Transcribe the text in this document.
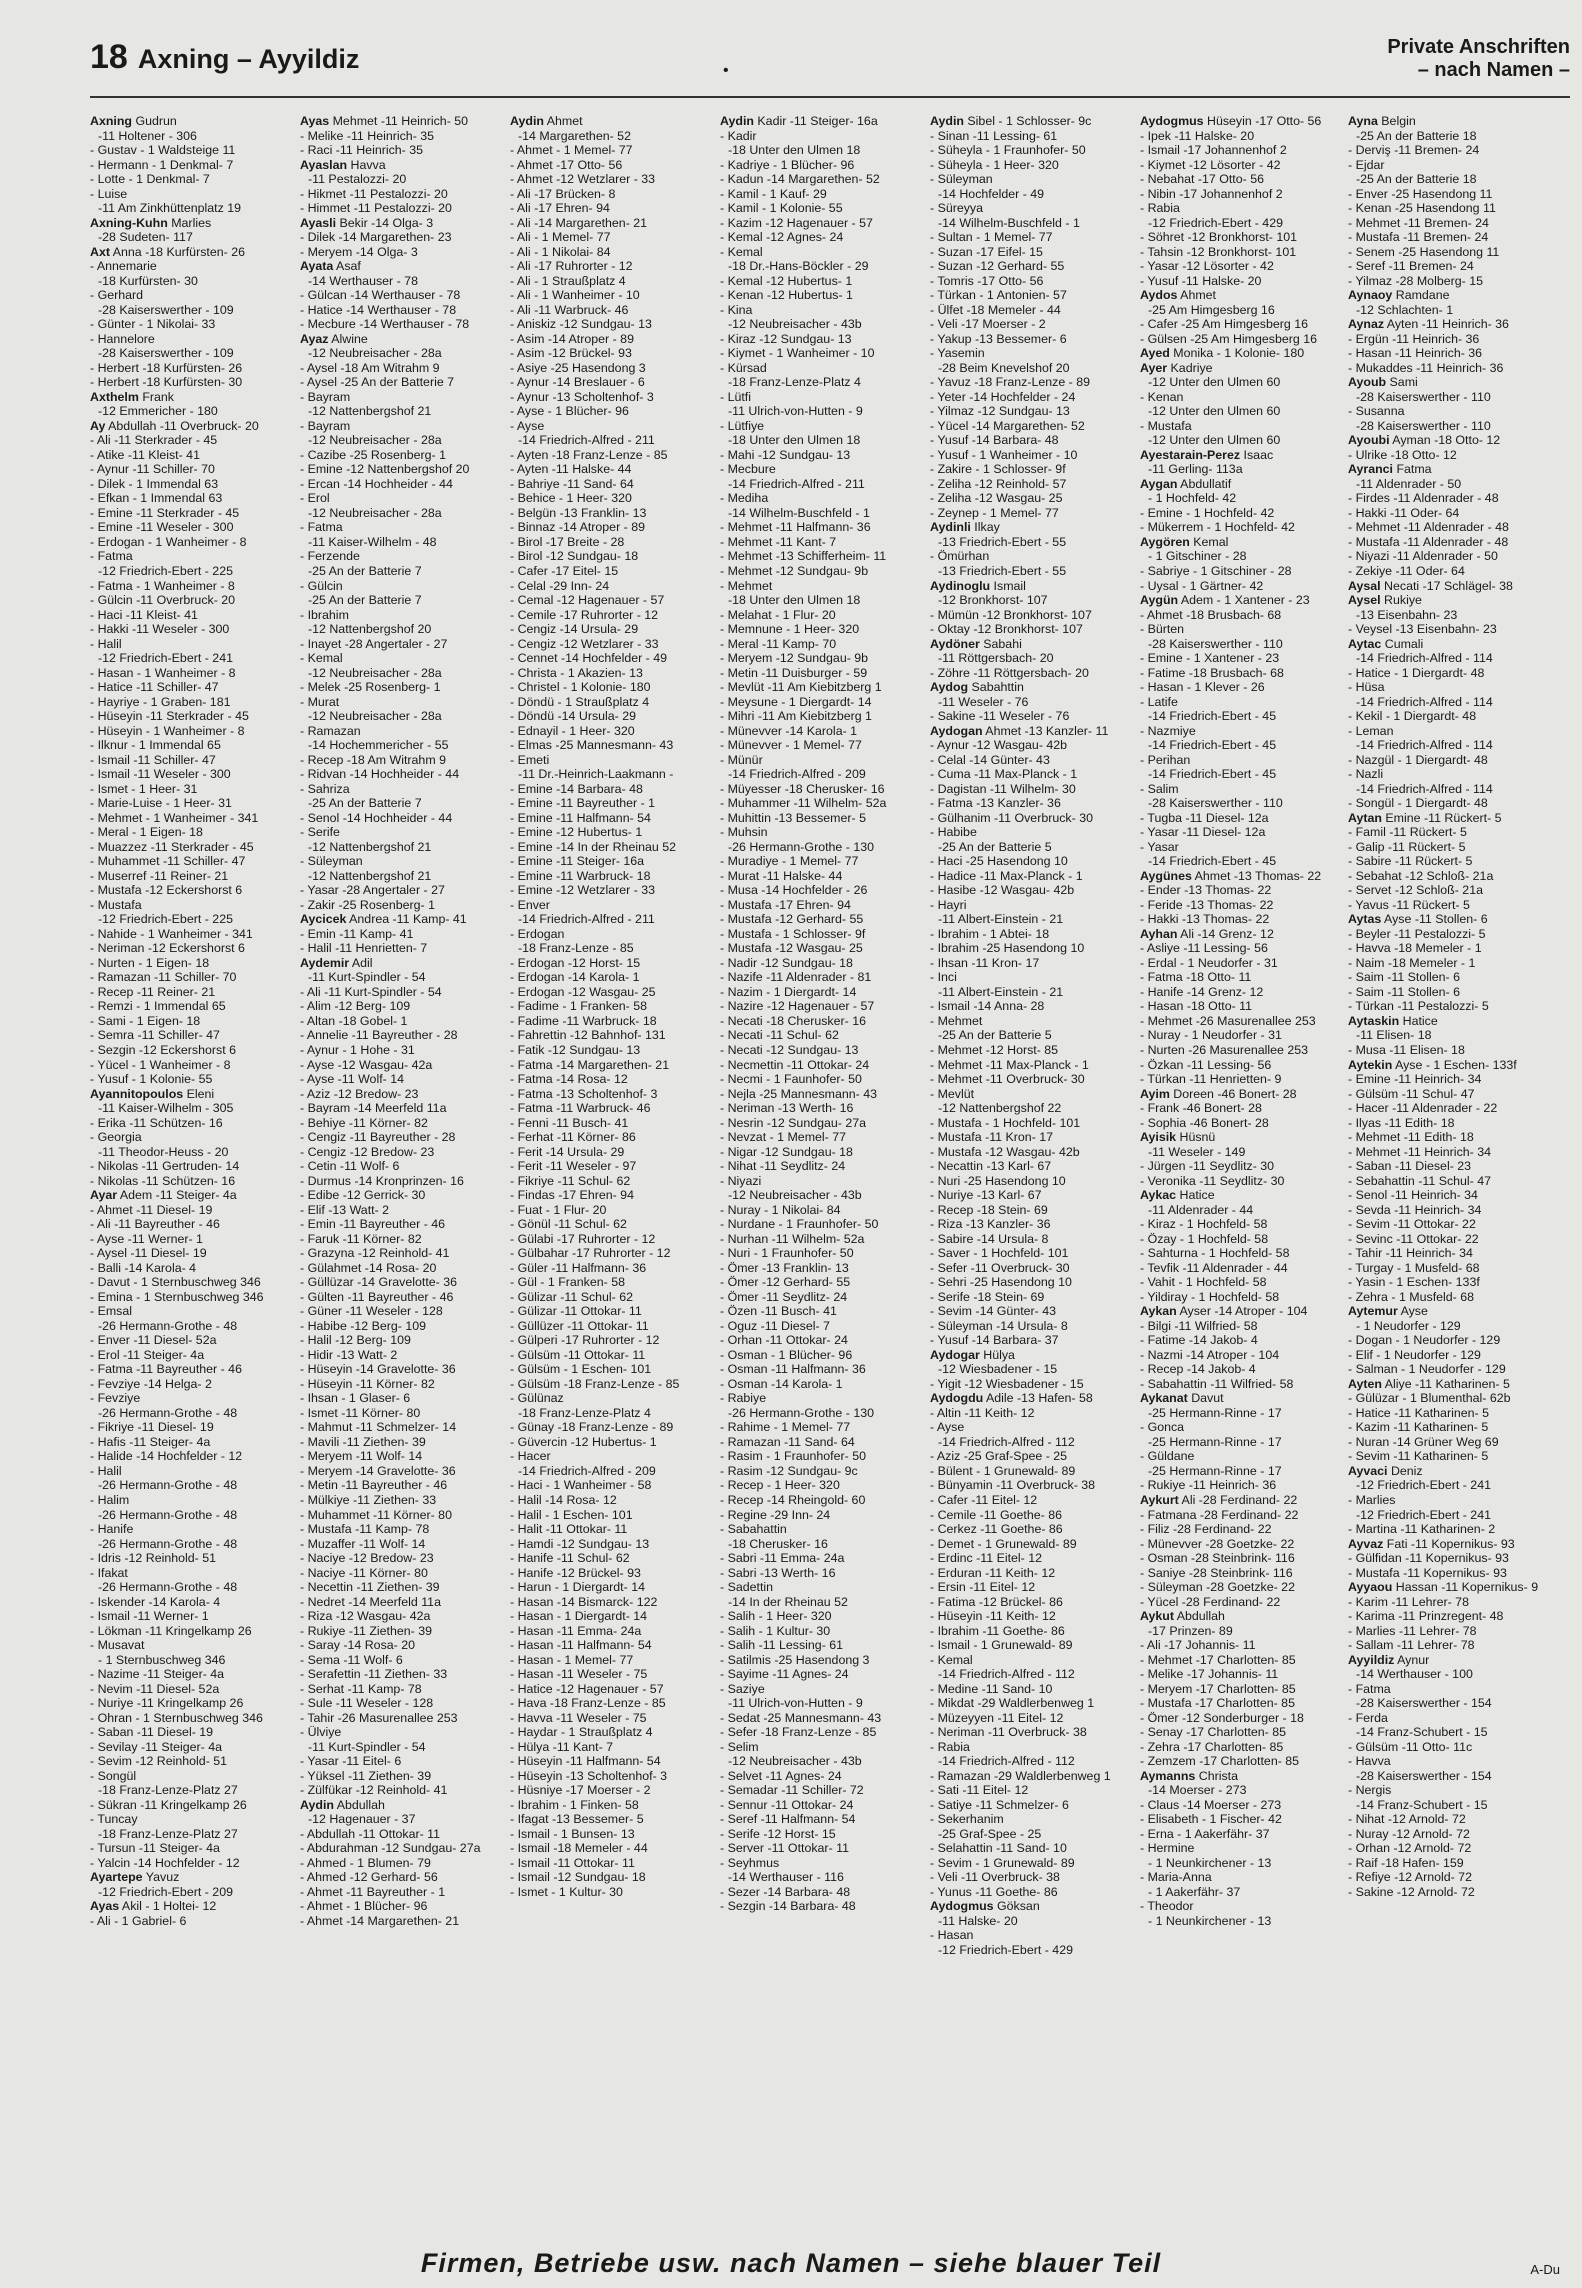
18 Axning – Ayyildiz	•
Private Anschriften
– nach Namen –
Axning Gudrun
-11 Holtener - 306
- Gustav - 1 Waldsteige 11
- Hermann - 1 Denkmal- 7
- Lotte - 1 Denkmal- 7
- Luise
-11 Am Zinkhüttenplatz 19
Axning-Kuhn Marlies
-28 Sudeten- 117
Axt Anna -18 Kurfürsten- 26
- Annemarie
-18 Kurfürsten- 30
- Gerhard
-28 Kaiserswerther - 109
- Günter - 1 Nikolai- 33
- Hannelore
-28 Kaiserswerther - 109
- Herbert -18 Kurfürsten- 26
- Herbert -18 Kurfürsten- 30
Axthelm Frank
-12 Emmericher - 180
Ay Abdullah -11 Overbruck- 20
- Ali -11 Sterkrader - 45
- Atike -11 Kleist- 41
- Aynur -11 Schiller- 70
- Dilek - 1 Immendal 63
- Efkan - 1 Immendal 63
- Emine -11 Sterkrader - 45
- Emine -11 Weseler - 300
- Erdogan - 1 Wanheimer - 8
- Fatma
-12 Friedrich-Ebert - 225
- Fatma - 1 Wanheimer - 8
- Gülcin -11 Overbruck- 20
- Haci -11 Kleist- 41
- Hakki -11 Weseler - 300
- Halil
-12 Friedrich-Ebert - 241
- Hasan - 1 Wanheimer - 8
- Hatice -11 Schiller- 47
- Hayriye - 1 Graben- 181
- Hüseyin -11 Sterkrader - 45
- Hüseyin - 1 Wanheimer - 8
- Ilknur - 1 Immendal 65
- Ismail -11 Schiller- 47
- Ismail -11 Weseler - 300
- Ismet - 1 Heer- 31
- Marie-Luise - 1 Heer- 31
- Mehmet - 1 Wanheimer - 341
- Meral - 1 Eigen- 18
- Muazzez -11 Sterkrader - 45
- Muhammet -11 Schiller- 47
- Muserref -11 Reiner- 21
- Mustafa -12 Eckershorst 6
- Mustafa
-12 Friedrich-Ebert - 225
- Nahide - 1 Wanheimer - 341
- Neriman -12 Eckershorst 6
- Nurten - 1 Eigen- 18
- Ramazan -11 Schiller- 70
- Recep -11 Reiner- 21
- Remzi - 1 Immendal 65
- Sami - 1 Eigen- 18
- Semra -11 Schiller- 47
- Sezgin -12 Eckershorst 6
- Yücel - 1 Wanheimer - 8
- Yusuf - 1 Kolonie- 55
Ayannitopoulos Eleni
-11 Kaiser-Wilhelm - 305
- Erika -11 Schützen- 16
- Georgia
-11 Theodor-Heuss - 20
- Nikolas -11 Gertruden- 14
- Nikolas -11 Schützen- 16
Ayar Adem -11 Steiger- 4a
- Ahmet -11 Diesel- 19
- Ali -11 Bayreuther - 46
- Ayse -11 Werner- 1
- Aysel -11 Diesel- 19
- Balli -14 Karola- 4
- Davut - 1 Sternbuschweg 346
- Emina - 1 Sternbuschweg 346
- Emsal
-26 Hermann-Grothe - 48
- Enver -11 Diesel- 52a
- Erol -11 Steiger- 4a
- Fatma -11 Bayreuther - 46
- Fevziye -14 Helga- 2
- Fevziye
-26 Hermann-Grothe - 48
- Fikriye -11 Diesel- 19
- Hafis -11 Steiger- 4a
- Halide -14 Hochfelder - 12
- Halil
-26 Hermann-Grothe - 48
- Halim
-26 Hermann-Grothe - 48
- Hanife
-26 Hermann-Grothe - 48
- Idris -12 Reinhold- 51
- Ifakat
-26 Hermann-Grothe - 48
- Iskender -14 Karola- 4
- Ismail -11 Werner- 1
- Lökman -11 Kringelkamp 26
- Musavat
- 1 Sternbuschweg 346
- Nazime -11 Steiger- 4a
- Nevim -11 Diesel- 52a
- Nuriye -11 Kringelkamp 26
- Ohran - 1 Sternbuschweg 346
- Saban -11 Diesel- 19
- Sevilay -11 Steiger- 4a
- Sevim -12 Reinhold- 51
- Songül
-18 Franz-Lenze-Platz 27
- Sükran -11 Kringelkamp 26
- Tuncay
-18 Franz-Lenze-Platz 27
- Tursun -11 Steiger- 4a
- Yalcin -14 Hochfelder - 12
Ayartepe Yavuz
-12 Friedrich-Ebert - 209
Ayas Akil - 1 Holtei- 12
- Ali - 1 Gabriel- 6
Ayas Mehmet -11 Heinrich- 50
- Melike -11 Heinrich- 35
- Raci -11 Heinrich- 35
Ayaslan Havva
-11 Pestalozzi- 20
- Hikmet -11 Pestalozzi- 20
- Himmet -11 Pestalozzi- 20
Ayasli Bekir -14 Olga- 3
- Dilek -14 Margarethen- 23
- Meryem -14 Olga- 3
Ayata Asaf
-14 Werthauser - 78
- Gülcan -14 Werthauser - 78
- Hatice -14 Werthauser - 78
- Mecbure -14 Werthauser - 78
Ayaz Alwine
-12 Neubreisacher - 28a
- Aysel -18 Am Witrahm 9
- Aysel -25 An der Batterie 7
- Bayram
-12 Nattenbergshof 21
- Bayram
-12 Neubreisacher - 28a
- Cazibe -25 Rosenberg- 1
- Emine -12 Nattenbergshof 20
- Ercan -14 Hochheider - 44
- Erol
-12 Neubreisacher - 28a
- Fatma
-11 Kaiser-Wilhelm - 48
- Ferzende
-25 An der Batterie 7
- Gülcin
-25 An der Batterie 7
- Ibrahim
-12 Nattenbergshof 20
- Inayet -28 Angertaler - 27
- Kemal
-12 Neubreisacher - 28a
- Melek -25 Rosenberg- 1
- Murat
-12 Neubreisacher - 28a
- Ramazan
-14 Hochemmericher - 55
- Recep -18 Am Witrahm 9
- Ridvan -14 Hochheider - 44
- Sahriza
-25 An der Batterie 7
- Senol -14 Hochheider - 44
- Serife
-12 Nattenbergshof 21
- Süleyman
-12 Nattenbergshof 21
- Yasar -28 Angertaler - 27
- Zakir -25 Rosenberg- 1
Aycicek Andrea -11 Kamp- 41
- Emin -11 Kamp- 41
- Halil -11 Henrietten- 7
Aydemir Adil
-11 Kurt-Spindler - 54
- Ali -11 Kurt-Spindler - 54
- Alim -12 Berg- 109
- Altan -18 Gobel- 1
- Annelie -11 Bayreuther - 28
- Aynur - 1 Hohe - 31
- Ayse -12 Wasgau- 42a
- Ayse -11 Wolf- 14
- Aziz -12 Bredow- 23
- Bayram -14 Meerfeld 11a
- Behiye -11 Körner- 82
- Cengiz -11 Bayreuther - 28
- Cengiz -12 Bredow- 23
- Cetin -11 Wolf- 6
- Durmus -14 Kronprinzen- 16
- Edibe -12 Gerrick- 30
- Elif -13 Watt- 2
- Emin -11 Bayreuther - 46
- Faruk -11 Körner- 82
- Grazyna -12 Reinhold- 41
- Gülahmet -14 Rosa- 20
- Güllüzar -14 Gravelotte- 36
- Gülten -11 Bayreuther - 46
- Güner -11 Weseler - 128
- Habibe -12 Berg- 109
- Halil -12 Berg- 109
- Hidir -13 Watt- 2
- Hüseyin -14 Gravelotte- 36
- Hüseyin -11 Körner- 82
- Ihsan - 1 Glaser- 6
- Ismet -11 Körner- 80
- Mahmut -11 Schmelzer- 14
- Mavili -11 Ziethen- 39
- Meryem -11 Wolf- 14
- Meryem -14 Gravelotte- 36
- Metin -11 Bayreuther - 46
- Mülkiye -11 Ziethen- 33
- Muhammet -11 Körner- 80
- Mustafa -11 Kamp- 78
- Muzaffer -11 Wolf- 14
- Naciye -12 Bredow- 23
- Naciye -11 Körner- 80
- Necettin -11 Ziethen- 39
- Nedret -14 Meerfeld 11a
- Riza -12 Wasgau- 42a
- Rukiye -11 Ziethen- 39
- Saray -14 Rosa- 20
- Sema -11 Wolf- 6
- Serafettin -11 Ziethen- 33
- Serhat -11 Kamp- 78
- Sule -11 Weseler - 128
- Tahir -26 Masurenallee 253
- Ülviye
-11 Kurt-Spindler - 54
- Yasar -11 Eitel- 6
- Yüksel -11 Ziethen- 39
- Zülfükar -12 Reinhold- 41
Aydin Abdullah
-12 Hagenauer - 37
- Abdullah -11 Ottokar- 11
- Abdurahman -12 Sundgau- 27a
- Ahmed - 1 Blumen- 79
- Ahmed -12 Gerhard- 56
- Ahmet -11 Bayreuther - 1
- Ahmet - 1 Blücher- 96
- Ahmet -14 Margarethen- 21
Aydin Ahmet
-14 Margarethen- 52
- Ahmet - 1 Memel- 77
- Ahmet -17 Otto- 56
- Ahmet -12 Wetzlarer - 33
- Ali -17 Brücken- 8
- Ali -17 Ehren- 94
- Ali -14 Margarethen- 21
- Ali - 1 Memel- 77
- Ali - 1 Nikolai- 84
- Ali -17 Ruhrorter - 12
- Ali - 1 Straußplatz 4
- Ali - 1 Wanheimer - 10
- Ali -11 Warbruck- 46
- Aniskiz -12 Sundgau- 13
- Asim -14 Atroper - 89
- Asim -12 Brückel- 93
- Asiye -25 Hasendong 3
- Aynur -14 Breslauer - 6
- Aynur -13 Scholtenhof- 3
- Ayse - 1 Blücher- 96
- Ayse
-14 Friedrich-Alfred - 211
- Ayten -18 Franz-Lenze - 85
- Ayten -11 Halske- 44
- Bahriye -11 Sand- 64
- Behice - 1 Heer- 320
- Belgün -13 Franklin- 13
- Binnaz -14 Atroper - 89
- Birol -17 Breite - 28
- Birol -12 Sundgau- 18
- Cafer -17 Eitel- 15
- Celal -29 Inn- 24
- Cemal -12 Hagenauer - 57
- Cemile -17 Ruhrorter - 12
- Cengiz -14 Ursula- 29
- Cengiz -12 Wetzlarer - 33
- Cennet -14 Hochfelder - 49
- Christa - 1 Akazien- 13
- Christel - 1 Kolonie- 180
- Döndü - 1 Straußplatz 4
- Döndü -14 Ursula- 29
- Ednayil - 1 Heer- 320
- Elmas -25 Mannesmann- 43
- Emeti
-11 Dr.-Heinrich-Laakmann -
- Emine -14 Barbara- 48
- Emine -11 Bayreuther - 1
- Emine -11 Halfmann- 54
- Emine -12 Hubertus- 1
- Emine -14 In der Rheinau 52
- Emine -11 Steiger- 16a
- Emine -11 Warbruck- 18
- Emine -12 Wetzlarer - 33
- Enver
-14 Friedrich-Alfred - 211
- Erdogan
-18 Franz-Lenze - 85
- Erdogan -12 Horst- 15
- Erdogan -14 Karola- 1
- Erdogan -12 Wasgau- 25
- Fadime - 1 Franken- 58
- Fadime -11 Warbruck- 18
- Fahrettin -12 Bahnhof- 131
- Fatik -12 Sundgau- 13
- Fatma -14 Margarethen- 21
- Fatma -14 Rosa- 12
- Fatma -13 Scholtenhof- 3
- Fatma -11 Warbruck- 46
- Fenni -11 Busch- 41
- Ferhat -11 Körner- 86
- Ferit -14 Ursula- 29
- Ferit -11 Weseler - 97
- Fikriye -11 Schul- 62
- Findas -17 Ehren- 94
- Fuat - 1 Flur- 20
- Gönül -11 Schul- 62
- Gülabi -17 Ruhrorter - 12
- Gülbahar -17 Ruhrorter - 12
- Güler -11 Halfmann- 36
- Gül - 1 Franken- 58
- Gülizar -11 Schul- 62
- Gülizar -11 Ottokar- 11
- Güllüzer -11 Ottokar- 11
- Gülperi -17 Ruhrorter - 12
- Gülsüm -11 Ottokar- 11
- Gülsüm - 1 Eschen- 101
- Gülsüm -18 Franz-Lenze - 85
- Gülünaz
-18 Franz-Lenze-Platz 4
- Günay -18 Franz-Lenze - 89
- Güvercin -12 Hubertus- 1
- Hacer
-14 Friedrich-Alfred - 209
- Haci - 1 Wanheimer - 58
- Halil -14 Rosa- 12
- Halil - 1 Eschen- 101
- Halit -11 Ottokar- 11
- Hamdi -12 Sundgau- 13
- Hanife -11 Schul- 62
- Hanife -12 Brückel- 93
- Harun - 1 Diergardt- 14
- Hasan -14 Bismarck- 122
- Hasan - 1 Diergardt- 14
- Hasan -11 Emma- 24a
- Hasan -11 Halfmann- 54
- Hasan - 1 Memel- 77
- Hasan -11 Weseler - 75
- Hatice -12 Hagenauer - 57
- Hava -18 Franz-Lenze - 85
- Havva -11 Weseler - 75
- Haydar - 1 Straußplatz 4
- Hülya -11 Kant- 7
- Hüseyin -11 Halfmann- 54
- Hüseyin -13 Scholtenhof- 3
- Hüsniye -17 Moerser - 2
- Ibrahim - 1 Finken- 58
- Ifagat -13 Bessemer- 5
- Ismail - 1 Bunsen- 13
- Ismail -18 Memeler - 44
- Ismail -11 Ottokar- 11
- Ismail -12 Sundgau- 18
- Ismet - 1 Kultur- 30
Aydin Kadir -11 Steiger- 16a
- Kadir
-18 Unter den Ulmen 18
- Kadriye - 1 Blücher- 96
- Kadun -14 Margarethen- 52
- Kamil - 1 Kauf- 29
- Kamil - 1 Kolonie- 55
- Kazim -12 Hagenauer - 57
- Kemal -12 Agnes- 24
- Kemal
-18 Dr.-Hans-Böckler - 29
- Kemal -12 Hubertus- 1
- Kenan -12 Hubertus- 1
- Kina
-12 Neubreisacher - 43b
- Kiraz -12 Sundgau- 13
- Kiymet - 1 Wanheimer - 10
- Kürsad
-18 Franz-Lenze-Platz 4
- Lütfi
-11 Ulrich-von-Hutten - 9
- Lütfiye
-18 Unter den Ulmen 18
- Mahi -12 Sundgau- 13
- Mecbure
-14 Friedrich-Alfred - 211
- Mediha
-14 Wilhelm-Buschfeld - 1
- Mehmet -11 Halfmann- 36
- Mehmet -11 Kant- 7
- Mehmet -13 Schifferheim- 11
- Mehmet -12 Sundgau- 9b
- Mehmet
-18 Unter den Ulmen 18
- Melahat - 1 Flur- 20
- Memnune - 1 Heer- 320
- Meral -11 Kamp- 70
- Meryem -12 Sundgau- 9b
- Metin -11 Duisburger - 59
- Mevlüt -11 Am Kiebitzberg 1
- Meysune - 1 Diergardt- 14
- Mihri -11 Am Kiebitzberg 1
- Münevver -14 Karola- 1
- Münevver - 1 Memel- 77
- Münür
-14 Friedrich-Alfred - 209
- Müyesser -18 Cherusker- 16
- Muhammer -11 Wilhelm- 52a
- Muhittin -13 Bessemer- 5
- Muhsin
-26 Hermann-Grothe - 130
- Muradiye - 1 Memel- 77
- Murat -11 Halske- 44
- Musa -14 Hochfelder - 26
- Mustafa -17 Ehren- 94
- Mustafa -12 Gerhard- 55
- Mustafa - 1 Schlosser- 9f
- Mustafa -12 Wasgau- 25
- Nadir -12 Sundgau- 18
- Nazife -11 Aldenrader - 81
- Nazim - 1 Diergardt- 14
- Nazire -12 Hagenauer - 57
- Necati -18 Cherusker- 16
- Necati -11 Schul- 62
- Necati -12 Sundgau- 13
- Necmettin -11 Ottokar- 24
- Necmi - 1 Faunhofer- 50
- Nejla -25 Mannesmann- 43
- Neriman -13 Werth- 16
- Nesrin -12 Sundgau- 27a
- Nevzat - 1 Memel- 77
- Nigar -12 Sundgau- 18
- Nihat -11 Seydlitz- 24
- Niyazi
-12 Neubreisacher - 43b
- Nuray - 1 Nikolai- 84
- Nurdane - 1 Fraunhofer- 50
- Nurhan -11 Wilhelm- 52a
- Nuri - 1 Fraunhofer- 50
- Ömer -13 Franklin- 13
- Ömer -12 Gerhard- 55
- Ömer -11 Seydlitz- 24
- Özen -11 Busch- 41
- Oguz -11 Diesel- 7
- Orhan -11 Ottokar- 24
- Osman - 1 Blücher- 96
- Osman -11 Halfmann- 36
- Osman -14 Karola- 1
- Rabiye
-26 Hermann-Grothe - 130
- Rahime - 1 Memel- 77
- Ramazan -11 Sand- 64
- Rasim - 1 Fraunhofer- 50
- Rasim -12 Sundgau- 9c
- Recep - 1 Heer- 320
- Recep -14 Rheingold- 60
- Regine -29 Inn- 24
- Sabahattin
-18 Cherusker- 16
- Sabri -11 Emma- 24a
- Sabri -13 Werth- 16
- Sadettin
-14 In der Rheinau 52
- Salih - 1 Heer- 320
- Salih - 1 Kultur- 30
- Salih -11 Lessing- 61
- Satilmis -25 Hasendong 3
- Sayime -11 Agnes- 24
- Saziye
-11 Ulrich-von-Hutten - 9
- Sedat -25 Mannesmann- 43
- Sefer -18 Franz-Lenze - 85
- Selim
-12 Neubreisacher - 43b
- Selvet -11 Agnes- 24
- Semadar -11 Schiller- 72
- Sennur -11 Ottokar- 24
- Seref -11 Halfmann- 54
- Serife -12 Horst- 15
- Server -11 Ottokar- 11
- Seyhmus
-14 Werthauser - 116
- Sezer -14 Barbara- 48
- Sezgin -14 Barbara- 48
Aydin Sibel - 1 Schlosser- 9c
- Sinan -11 Lessing- 61
- Süheyla - 1 Fraunhofer- 50
- Süheyla - 1 Heer- 320
- Süleyman
-14 Hochfelder - 49
- Süreyya
-14 Wilhelm-Buschfeld - 1
- Sultan - 1 Memel- 77
- Suzan -17 Eifel- 15
- Suzan -12 Gerhard- 55
- Tomris -17 Otto- 56
- Türkan - 1 Antonien- 57
- Ülfet -18 Memeler - 44
- Veli -17 Moerser - 2
- Yakup -13 Bessemer- 6
- Yasemin
-28 Beim Knevelshof 20
- Yavuz -18 Franz-Lenze - 89
- Yeter -14 Hochfelder - 24
- Yilmaz -12 Sundgau- 13
- Yücel -14 Margarethen- 52
- Yusuf -14 Barbara- 48
- Yusuf - 1 Wanheimer - 10
- Zakire - 1 Schlosser- 9f
- Zeliha -12 Reinhold- 57
- Zeliha -12 Wasgau- 25
- Zeynep - 1 Memel- 77
Aydinli Ilkay
-13 Friedrich-Ebert - 55
- Ömürhan
-13 Friedrich-Ebert - 55
Aydinoglu Ismail
-12 Bronkhorst- 107
- Mümün -12 Bronkhorst- 107
- Oktay -12 Bronkhorst- 107
Aydöner Sabahi
-11 Röttgersbach- 20
- Zöhre -11 Röttgersbach- 20
Aydog Sabahttin
-11 Weseler - 76
- Sakine -11 Weseler - 76
Aydogan Ahmet -13 Kanzler- 11
- Aynur -12 Wasgau- 42b
- Celal -14 Günter- 43
- Cuma -11 Max-Planck - 1
- Dagistan -11 Wilhelm- 30
- Fatma -13 Kanzler- 36
- Gülhanim -11 Overbruck- 30
- Habibe
-25 An der Batterie 5
- Haci -25 Hasendong 10
- Hadice -11 Max-Planck - 1
- Hasibe -12 Wasgau- 42b
- Hayri
-11 Albert-Einstein - 21
- Ibrahim - 1 Abtei- 18
- Ibrahim -25 Hasendong 10
- Ihsan -11 Kron- 17
- Inci
-11 Albert-Einstein - 21
- Ismail -14 Anna- 28
- Mehmet
-25 An der Batterie 5
- Mehmet -12 Horst- 85
- Mehmet -11 Max-Planck - 1
- Mehmet -11 Overbruck- 30
- Mevlüt
-12 Nattenbergshof 22
- Mustafa - 1 Hochfeld- 101
- Mustafa -11 Kron- 17
- Mustafa -12 Wasgau- 42b
- Necattin -13 Karl- 67
- Nuri -25 Hasendong 10
- Nuriye -13 Karl- 67
- Recep -18 Stein- 69
- Riza -13 Kanzler- 36
- Sabire -14 Ursula- 8
- Saver - 1 Hochfeld- 101
- Sefer -11 Overbruck- 30
- Sehri -25 Hasendong 10
- Serife -18 Stein- 69
- Sevim -14 Günter- 43
- Süleyman -14 Ursula- 8
- Yusuf -14 Barbara- 37
Aydogar Hülya
-12 Wiesbadener - 15
- Yigit -12 Wiesbadener - 15
Aydogdu Adile -13 Hafen- 58
- Altin -11 Keith- 12
- Ayse
-14 Friedrich-Alfred - 112
- Aziz -25 Graf-Spee - 25
- Bülent - 1 Grunewald- 89
- Bünyamin -11 Overbruck- 38
- Cafer -11 Eitel- 12
- Cemile -11 Goethe- 86
- Cerkez -11 Goethe- 86
- Demet - 1 Grunewald- 89
- Erdinc -11 Eitel- 12
- Erduran -11 Keith- 12
- Ersin -11 Eitel- 12
- Fatima -12 Brückel- 86
- Hüseyin -11 Keith- 12
- Ibrahim -11 Goethe- 86
- Ismail - 1 Grunewald- 89
- Kemal
-14 Friedrich-Alfred - 112
- Medine -11 Sand- 10
- Mikdat -29 Waldlerbenweg 1
- Müzeyyen -11 Eitel- 12
- Neriman -11 Overbruck- 38
- Rabia
-14 Friedrich-Alfred - 112
- Ramazan -29 Waldlerbenweg 1
- Sati -11 Eitel- 12
- Satiye -11 Schmelzer- 6
- Sekerhanim
-25 Graf-Spee - 25
- Selahattin -11 Sand- 10
- Sevim - 1 Grunewald- 89
- Veli -11 Overbruck- 38
- Yunus -11 Goethe- 86
Aydogmus Göksan
-11 Halske- 20
- Hasan
-12 Friedrich-Ebert - 429
Aydogmus Hüseyin -17 Otto- 56
- Ipek -11 Halske- 20
- Ismail -17 Johannenhof 2
- Kiymet -12 Lösorter - 42
- Nebahat -17 Otto- 56
- Nibin -17 Johannenhof 2
- Rabia
-12 Friedrich-Ebert - 429
- Söhret -12 Bronkhorst- 101
- Tahsin -12 Bronkhorst- 101
- Yasar -12 Lösorter - 42
- Yusuf -11 Halske- 20
Aydos Ahmet
-25 Am Himgesberg 16
- Cafer -25 Am Himgesberg 16
- Gülsen -25 Am Himgesberg 16
Ayed Monika - 1 Kolonie- 180
Ayer Kadriye
-12 Unter den Ulmen 60
- Kenan
-12 Unter den Ulmen 60
- Mustafa
-12 Unter den Ulmen 60
Ayestarain-Perez Isaac
-11 Gerling- 113a
Aygan Abdullatif
- 1 Hochfeld- 42
- Emine - 1 Hochfeld- 42
- Mükerrem - 1 Hochfeld- 42
Aygören Kemal
- 1 Gitschiner - 28
- Sabriye - 1 Gitschiner - 28
- Uysal - 1 Gärtner- 42
Aygün Adem - 1 Xantener - 23
- Ahmet -18 Brusbach- 68
- Bürten
-28 Kaiserswerther - 110
- Emine - 1 Xantener - 23
- Fatime -18 Brusbach- 68
- Hasan - 1 Klever - 26
- Latife
-14 Friedrich-Ebert - 45
- Nazmiye
-14 Friedrich-Ebert - 45
- Perihan
-14 Friedrich-Ebert - 45
- Salim
-28 Kaiserswerther - 110
- Tugba -11 Diesel- 12a
- Yasar -11 Diesel- 12a
- Yasar
-14 Friedrich-Ebert - 45
Aygünes Ahmet -13 Thomas- 22
- Ender -13 Thomas- 22
- Feride -13 Thomas- 22
- Hakki -13 Thomas- 22
Ayhan Ali -14 Grenz- 12
- Asliye -11 Lessing- 56
- Erdal - 1 Neudorfer - 31
- Fatma -18 Otto- 11
- Hanife -14 Grenz- 12
- Hasan -18 Otto- 11
- Mehmet -26 Masurenallee 253
- Nuray - 1 Neudorfer - 31
- Nurten -26 Masurenallee 253
- Özkan -11 Lessing- 56
- Türkan -11 Henrietten- 9
Ayim Doreen -46 Bonert- 28
- Frank -46 Bonert- 28
- Sophia -46 Bonert- 28
Ayisik Hüsnü
-11 Weseler - 149
- Jürgen -11 Seydlitz- 30
- Veronika -11 Seydlitz- 30
Aykac Hatice
-11 Aldenrader - 44
- Kiraz - 1 Hochfeld- 58
- Özay - 1 Hochfeld- 58
- Sahturna - 1 Hochfeld- 58
- Tevfik -11 Aldenrader - 44
- Vahit - 1 Hochfeld- 58
- Yildiray - 1 Hochfeld- 58
Aykan Ayser -14 Atroper - 104
- Bilgi -11 Wilfried- 58
- Fatime -14 Jakob- 4
- Nazmi -14 Atroper - 104
- Recep -14 Jakob- 4
- Sabahattin -11 Wilfried- 58
Aykanat Davut
-25 Hermann-Rinne - 17
- Gonca
-25 Hermann-Rinne - 17
- Güldane
-25 Hermann-Rinne - 17
- Rukiye -11 Heinrich- 36
Aykurt Ali -28 Ferdinand- 22
- Fatmana -28 Ferdinand- 22
- Filiz -28 Ferdinand- 22
- Münevver -28 Goetzke- 22
- Osman -28 Steinbrink- 116
- Saniye -28 Steinbrink- 116
- Süleyman -28 Goetzke- 22
- Yücel -28 Ferdinand- 22
Aykut Abdullah
-17 Prinzen- 89
- Ali -17 Johannis- 11
- Mehmet -17 Charlotten- 85
- Melike -17 Johannis- 11
- Meryem -17 Charlotten- 85
- Mustafa -17 Charlotten- 85
- Ömer -12 Sonderburger - 18
- Senay -17 Charlotten- 85
- Zehra -17 Charlotten- 85
- Zemzem -17 Charlotten- 85
Aymanns Christa
-14 Moerser - 273
- Claus -14 Moerser - 273
- Elisabeth - 1 Fischer- 42
- Erna - 1 Aakerfähr- 37
- Hermine
- 1 Neunkirchener - 13
- Maria-Anna
- 1 Aakerfähr- 37
- Theodor
- 1 Neunkirchener - 13
Ayna Belgin
-25 An der Batterie 18
- Derviş -11 Bremen- 24
- Ejdar
-25 An der Batterie 18
- Enver -25 Hasendong 11
- Kenan -25 Hasendong 11
- Mehmet -11 Bremen- 24
- Mustafa -11 Bremen- 24
- Senem -25 Hasendong 11
- Seref -11 Bremen- 24
- Yilmaz -28 Molberg- 15
Aynaoy Ramdane
-12 Schlachten- 1
Aynaz Ayten -11 Heinrich- 36
- Ergün -11 Heinrich- 36
- Hasan -11 Heinrich- 36
- Mukaddes -11 Heinrich- 36
Ayoub Sami
-28 Kaiserswerther - 110
- Susanna
-28 Kaiserswerther - 110
Ayoubi Ayman -18 Otto- 12
- Ulrike -18 Otto- 12
Ayranci Fatma
-11 Aldenrader - 50
- Firdes -11 Aldenrader - 48
- Hakki -11 Oder- 64
- Mehmet -11 Aldenrader - 48
- Mustafa -11 Aldenrader - 48
- Niyazi -11 Aldenrader - 50
- Zekiye -11 Oder- 64
Aysal Necati -17 Schlägel- 38
Aysel Rukiye
-13 Eisenbahn- 23
- Veysel -13 Eisenbahn- 23
Aytac Cumali
-14 Friedrich-Alfred - 114
- Hatice - 1 Diergardt- 48
- Hüsa
-14 Friedrich-Alfred - 114
- Kekil - 1 Diergardt- 48
- Leman
-14 Friedrich-Alfred - 114
- Nazgül - 1 Diergardt- 48
- Nazli
-14 Friedrich-Alfred - 114
- Songül - 1 Diergardt- 48
Aytan Emine -11 Rückert- 5
- Famil -11 Rückert- 5
- Galip -11 Rückert- 5
- Sabire -11 Rückert- 5
- Sebahat -12 Schloß- 21a
- Servet -12 Schloß- 21a
- Yavus -11 Rückert- 5
Aytas Ayse -11 Stollen- 6
- Beyler -11 Pestalozzi- 5
- Havva -18 Memeler - 1
- Naim -18 Memeler - 1
- Saim -11 Stollen- 6
- Saim -11 Stollen- 6
- Türkan -11 Pestalozzi- 5
Aytaskin Hatice
-11 Elisen- 18
- Musa -11 Elisen- 18
Aytekin Ayse - 1 Eschen- 133f
- Emine -11 Heinrich- 34
- Gülsüm -11 Schul- 47
- Hacer -11 Aldenrader - 22
- Ilyas -11 Edith- 18
- Mehmet -11 Edith- 18
- Mehmet -11 Heinrich- 34
- Saban -11 Diesel- 23
- Sebahattin -11 Schul- 47
- Senol -11 Heinrich- 34
- Sevda -11 Heinrich- 34
- Sevim -11 Ottokar- 22
- Sevinc -11 Ottokar- 22
- Tahir -11 Heinrich- 34
- Turgay - 1 Musfeld- 68
- Yasin - 1 Eschen- 133f
- Zehra - 1 Musfeld- 68
Aytemur Ayse
- 1 Neudorfer - 129
- Dogan - 1 Neudorfer - 129
- Elif - 1 Neudorfer - 129
- Salman - 1 Neudorfer - 129
Ayten Aliye -11 Katharinen- 5
- Gülüzar - 1 Blumenthal- 62b
- Hatice -11 Katharinen- 5
- Kazim -11 Katharinen- 5
- Nuran -14 Grüner Weg 69
- Sevim -11 Katharinen- 5
Ayvaci Deniz
-12 Friedrich-Ebert - 241
- Marlies
-12 Friedrich-Ebert - 241
- Martina -11 Katharinen- 2
Ayvaz Fati -11 Kopernikus- 93
- Gülfidan -11 Kopernikus- 93
- Mustafa -11 Kopernikus- 93
Ayyaou Hassan -11 Kopernikus- 9
- Karim -11 Lehrer- 78
- Karima -11 Prinzregent- 48
- Marlies -11 Lehrer- 78
- Sallam -11 Lehrer- 78
Ayyildiz Aynur
-14 Werthauser - 100
- Fatma
-28 Kaiserswerther - 154
- Ferda
-14 Franz-Schubert - 15
- Gülsüm -11 Otto- 11c
- Havva
-28 Kaiserswerther - 154
- Nergis
-14 Franz-Schubert - 15
- Nihat -12 Arnold- 72
- Nuray -12 Arnold- 72
- Orhan -12 Arnold- 72
- Raif -18 Hafen- 159
- Refiye -12 Arnold- 72
- Sakine -12 Arnold- 72
Firmen, Betriebe usw. nach Namen – siehe blauer Teil	A-Du
